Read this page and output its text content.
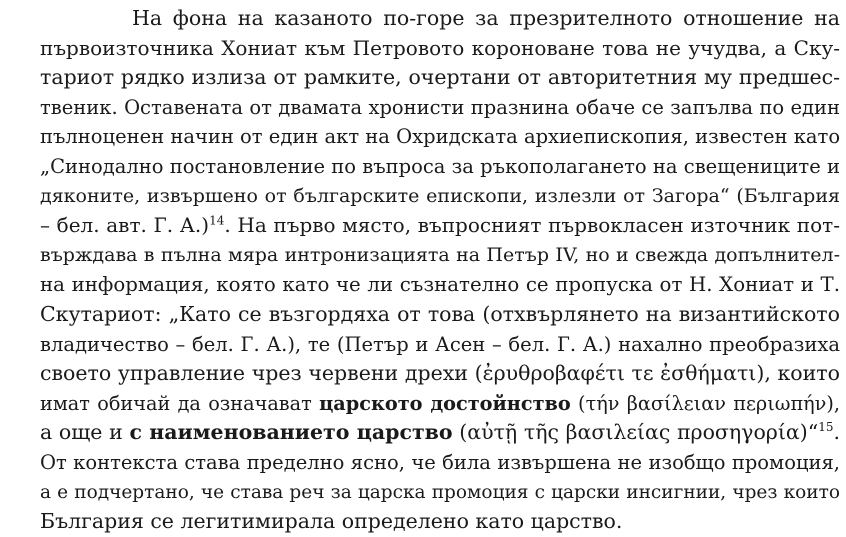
На фона на казаното по-горе за презрителното отношение на
първоизточника Хониат към Петровото короноване това не учудва, а Ску-
тариот рядко излиза от рамките, очертани от авторитетния му предшес-
твеник. Оставената от двамата хронисти празнина обаче се запълва по един
пълноценен начин от един акт на Охридската архиепископия, известен като
„Синодално постановление по въпроса за ръкополагането на свещениците и
дяконите, извършено от българските епископи, излезли от Загора“ (България
– бел. авт. Г. А.)$^{14}$. На първо място, въпросният първокласен източник пот-
върждава в пълна мяра интронизацията на Петър IV, но и свежда допълнител-
на информация, която като че ли съзнателно се пропуска от Н. Хониат и Т.
Скутариот: „Като се възгордяха от това (отхвърлянето на византийското
владичество – бел. Г. А.), те (Петър и Асен – бел. Г. А.) нахално преобразиха
своето управление чрез червени дрехи (ἐρυθροβαφέτι τε ἐσθήματι), които
имат обичай да означават царското достойнство (τήν βασίλειαν περιωπήν),
а още и с наименованието царство (αὐτῇ τῆς βασιλείας προσηγορία)“$^{15}$.
От контекста става пределно ясно, че била извършена не изобщо промоция,
а е подчертано, че става реч за царска промоция с царски инсигнии, чрез които
България се легитимирала определено като царство.
